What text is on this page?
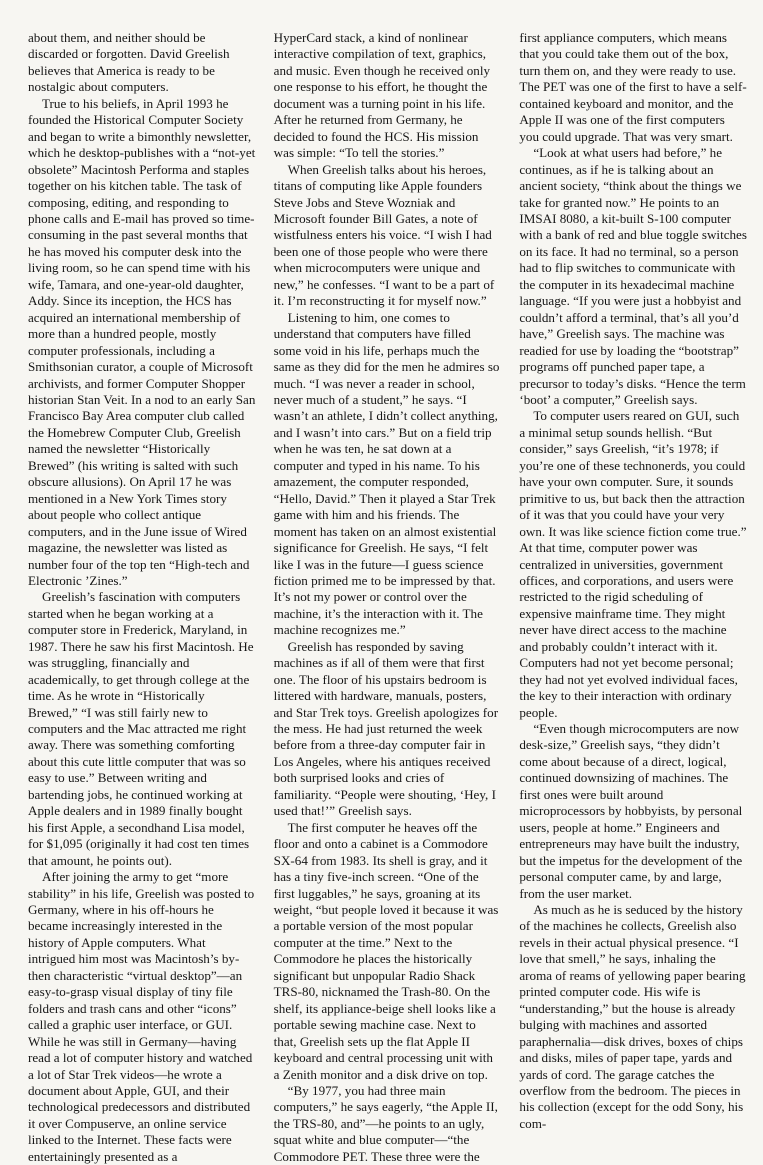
about them, and neither should be discarded or forgotten. David Greelish believes that America is ready to be nostalgic about computers.

True to his beliefs, in April 1993 he founded the Historical Computer Society and began to write a bimonthly newsletter, which he desktop-publishes with a “not-yet obsolete” Macintosh Performa and staples together on his kitchen table. The task of composing, editing, and responding to phone calls and E-mail has proved so time-consuming in the past several months that he has moved his computer desk into the living room, so he can spend time with his wife, Tamara, and one-year-old daughter, Addy. Since its inception, the HCS has acquired an international membership of more than a hundred people, mostly computer professionals, including a Smithsonian curator, a couple of Microsoft archivists, and former Computer Shopper historian Stan Veit. In a nod to an early San Francisco Bay Area computer club called the Homebrew Computer Club, Greelish named the newsletter “Historically Brewed” (his writing is salted with such obscure allusions). On April 17 he was mentioned in a New York Times story about people who collect antique computers, and in the June issue of Wired magazine, the newsletter was listed as number four of the top ten “High-tech and Electronic ’Zines.”

Greelish’s fascination with computers started when he began working at a computer store in Frederick, Maryland, in 1987. There he saw his first Macintosh. He was struggling, financially and academically, to get through college at the time. As he wrote in “Historically Brewed,” “I was still fairly new to computers and the Mac attracted me right away. There was something comforting about this cute little computer that was so easy to use.” Between writing and bartending jobs, he continued working at Apple dealers and in 1989 finally bought his first Apple, a secondhand Lisa model, for $1,095 (originally it had cost ten times that amount, he points out).

After joining the army to get “more stability” in his life, Greelish was posted to Germany, where in his off-hours he became increasingly interested in the history of Apple computers. What intrigued him most was Macintosh’s by-then characteristic “virtual desktop”—an easy-to-grasp visual display of tiny file folders and trash cans and other “icons” called a graphic user interface, or GUI. While he was still in Germany—having read a lot of computer history and watched a lot of Star Trek videos—he wrote a document about Apple, GUI, and their technological predecessors and distributed it over Compuserve, an online service linked to the Internet. These facts were entertainingly presented as a

HyperCard stack, a kind of nonlinear interactive compilation of text, graphics, and music. Even though he received only one response to his effort, he thought the document was a turning point in his life. After he returned from Germany, he decided to found the HCS. His mission was simple: “To tell the stories.”

When Greelish talks about his heroes, titans of computing like Apple founders Steve Jobs and Steve Wozniak and Microsoft founder Bill Gates, a note of wistfulness enters his voice. “I wish I had been one of those people who were there when microcomputers were unique and new,” he confesses. “I want to be a part of it. I’m reconstructing it for myself now.”

Listening to him, one comes to understand that computers have filled some void in his life, perhaps much the same as they did for the men he admires so much. “I was never a reader in school, never much of a student,” he says. “I wasn’t an athlete, I didn’t collect anything, and I wasn’t into cars.” But on a field trip when he was ten, he sat down at a computer and typed in his name. To his amazement, the computer responded, “Hello, David.” Then it played a Star Trek game with him and his friends. The moment has taken on an almost existential significance for Greelish. He says, “I felt like I was in the future—I guess science fiction primed me to be impressed by that. It’s not my power or control over the machine, it’s the interaction with it. The machine recognizes me.”

Greelish has responded by saving machines as if all of them were that first one. The floor of his upstairs bedroom is littered with hardware, manuals, posters, and Star Trek toys. Greelish apologizes for the mess. He had just returned the week before from a three-day computer fair in Los Angeles, where his antiques received both surprised looks and cries of familiarity. “People were shouting, ‘Hey, I used that!’” Greelish says.

The first computer he heaves off the floor and onto a cabinet is a Commodore SX-64 from 1983. Its shell is gray, and it has a tiny five-inch screen. “One of the first luggables,” he says, groaning at its weight, “but people loved it because it was a portable version of the most popular computer at the time.” Next to the Commodore he places the historically significant but unpopular Radio Shack TRS-80, nicknamed the Trash-80. On the shelf, its appliance-beige shell looks like a portable sewing machine case. Next to that, Greelish sets up the flat Apple II keyboard and central processing unit with a Zenith monitor and a disk drive on top.

“By 1977, you had three main computers,” he says eagerly, “the Apple II, the TRS-80, and”—he points to an ugly, squat white and blue computer—“the Commodore PET. These three were the

first appliance computers, which means that you could take them out of the box, turn them on, and they were ready to use. The PET was one of the first to have a self-contained keyboard and monitor, and the Apple II was one of the first computers you could upgrade. That was very smart.

“Look at what users had before,” he continues, as if he is talking about an ancient society, “think about the things we take for granted now.” He points to an IMSAI 8080, a kit-built S-100 computer with a bank of red and blue toggle switches on its face. It had no terminal, so a person had to flip switches to communicate with the computer in its hexadecimal machine language. “If you were just a hobbyist and couldn’t afford a terminal, that’s all you’d have,” Greelish says. The machine was readied for use by loading the “bootstrap” programs off punched paper tape, a precursor to today’s disks. “Hence the term ‘boot’ a computer,” Greelish says.

To computer users reared on GUI, such a minimal setup sounds hellish. “But consider,” says Greelish, “it’s 1978; if you’re one of these technonerds, you could have your own computer. Sure, it sounds primitive to us, but back then the attraction of it was that you could have your very own. It was like science fiction come true.” At that time, computer power was centralized in universities, government offices, and corporations, and users were restricted to the rigid scheduling of expensive mainframe time. They might never have direct access to the machine and probably couldn’t interact with it. Computers had not yet become personal; they had not yet evolved individual faces, the key to their interaction with ordinary people.

“Even though microcomputers are now desk-size,” Greelish says, “they didn’t come about because of a direct, logical, continued downsizing of machines. The first ones were built around microprocessors by hobbyists, by personal users, people at home.” Engineers and entrepreneurs may have built the industry, but the impetus for the development of the personal computer came, by and large, from the user market.

As much as he is seduced by the history of the machines he collects, Greelish also revels in their actual physical presence. “I love that smell,” he says, inhaling the aroma of reams of yellowing paper bearing printed computer code. His wife is “understanding,” but the house is already bulging with machines and assorted paraphernalia—disk drives, boxes of chips and disks, miles of paper tape, yards and yards of cord. The garage catches the overflow from the bedroom. The pieces in his collection (except for the odd Sony, his com-
